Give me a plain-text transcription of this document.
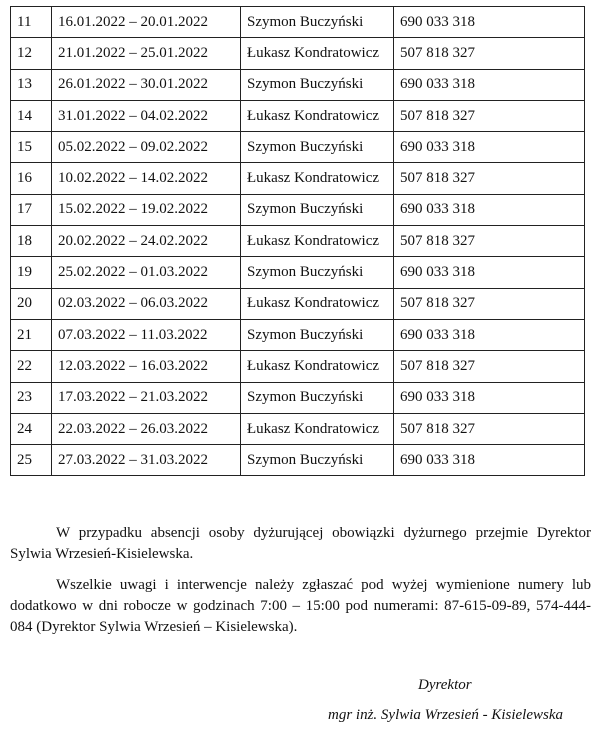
11	16.01.2022 – 20.01.2022	Szymon Buczyński	690 033 318
12	21.01.2022 – 25.01.2022	Łukasz Kondratowicz	507 818 327
13	26.01.2022 – 30.01.2022	Szymon Buczyński	690 033 318
14	31.01.2022 – 04.02.2022	Łukasz Kondratowicz	507 818 327
15	05.02.2022 – 09.02.2022	Szymon Buczyński	690 033 318
16	10.02.2022 – 14.02.2022	Łukasz Kondratowicz	507 818 327
17	15.02.2022 – 19.02.2022	Szymon Buczyński	690 033 318
18	20.02.2022 – 24.02.2022	Łukasz Kondratowicz	507 818 327
19	25.02.2022 – 01.03.2022	Szymon Buczyński	690 033 318
20	02.03.2022 – 06.03.2022	Łukasz Kondratowicz	507 818 327
21	07.03.2022 – 11.03.2022	Szymon Buczyński	690 033 318
22	12.03.2022 – 16.03.2022	Łukasz Kondratowicz	507 818 327
23	17.03.2022 – 21.03.2022	Szymon Buczyński	690 033 318
24	22.03.2022 – 26.03.2022	Łukasz Kondratowicz	507 818 327
25	27.03.2022 – 31.03.2022	Szymon Buczyński	690 033 318

W przypadku absencji osoby dyżurującej obowiązki dyżurnego przejmie Dyrektor Sylwia Wrzesień-Kisielewska.

Wszelkie uwagi i interwencje należy zgłaszać pod wyżej wymienione numery lub dodatkowo w dni robocze w godzinach 7:00 – 15:00 pod numerami: 87-615-09-89, 574-444-084 (Dyrektor Sylwia Wrzesień – Kisielewska).

Dyrektor
mgr inż. Sylwia Wrzesień - Kisielewska
